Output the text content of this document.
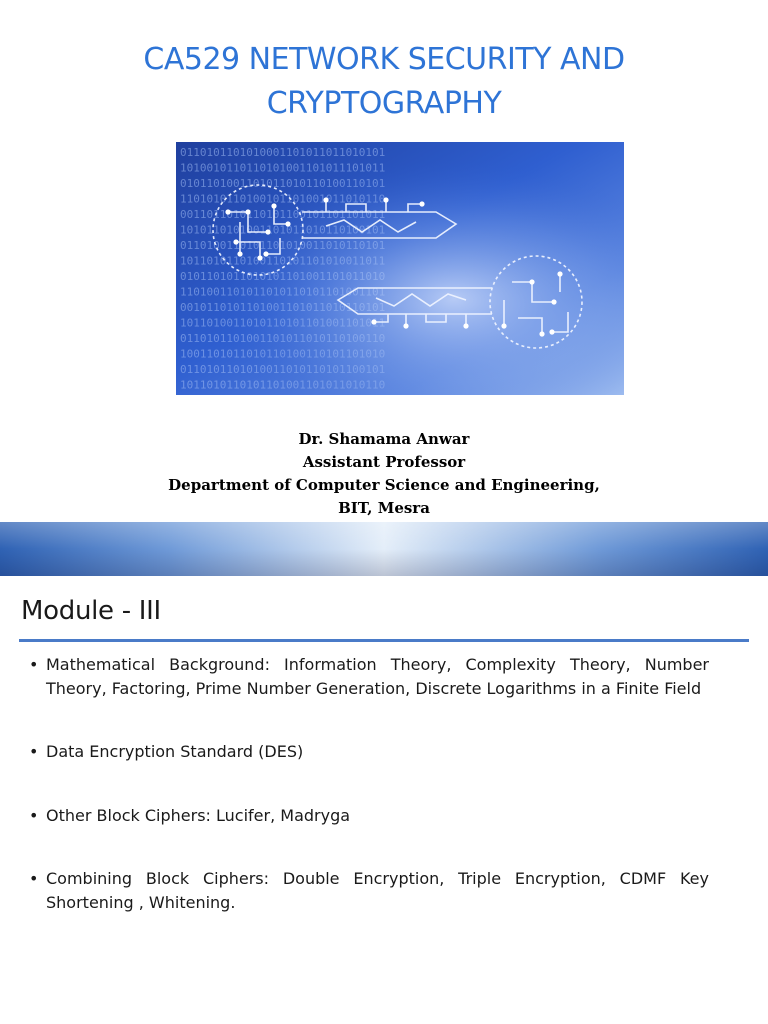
CA529 NETWORK SECURITY AND
CRYPTOGRAPHY
Dr. Shamama Anwar
Assistant Professor
Department of Computer Science and Engineering,
BIT, Mesra
Module - III
• Mathematical Background: Information Theory, Complexity Theory, Number Theory, Factoring, Prime Number Generation, Discrete Logarithms in a Finite Field
• Data Encryption Standard (DES)
• Other Block Ciphers: Lucifer, Madryga
• Combining Block Ciphers: Double Encryption, Triple Encryption, CDMF Key Shortening , Whitening.
